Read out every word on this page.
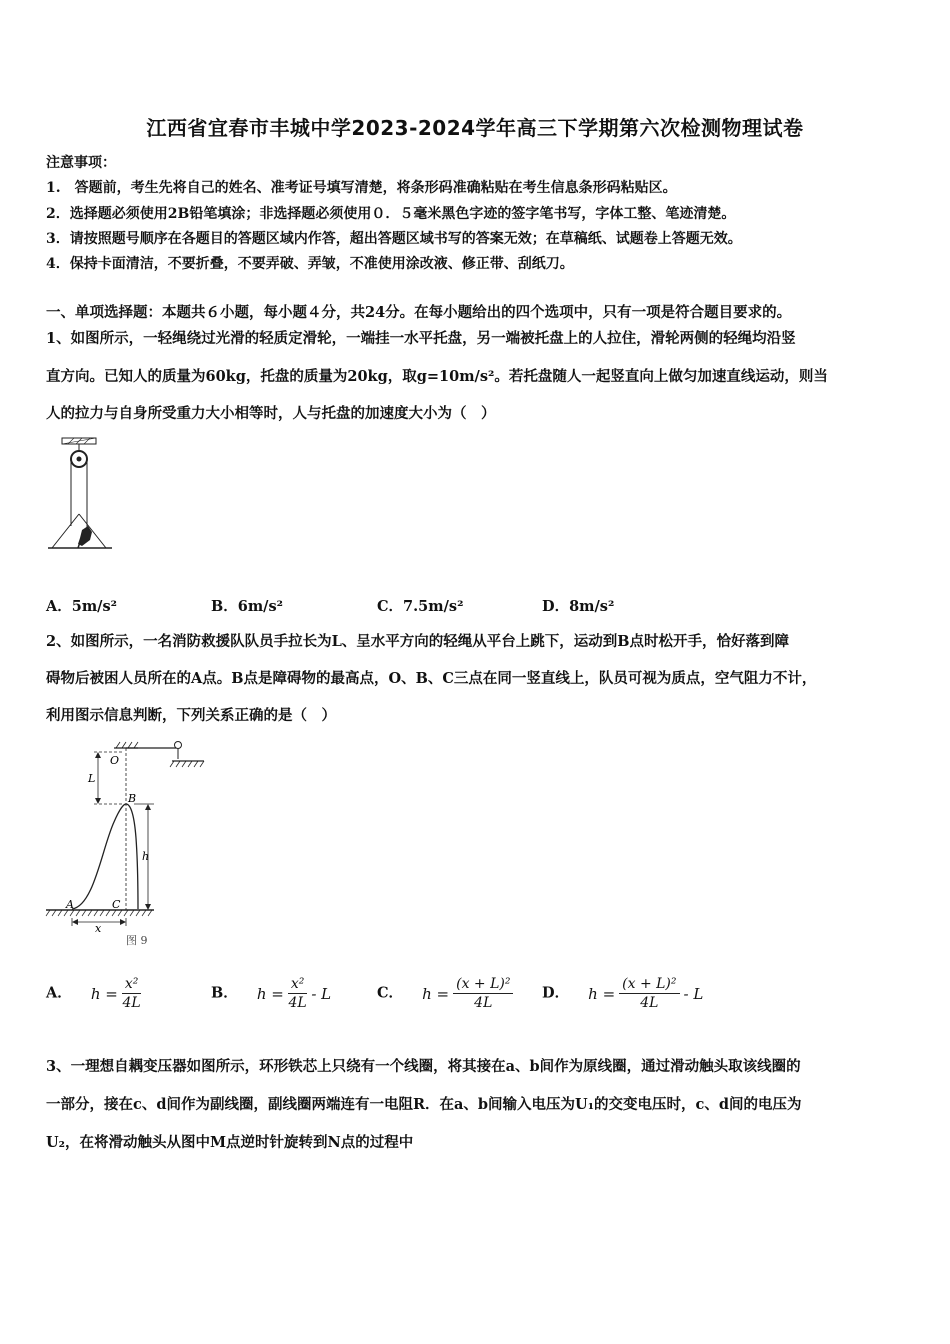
江西省宜春市丰城中学2023-2024学年高三下学期第六次检测物理试卷
注意事项：
1.　答题前，考生先将自己的姓名、准考证号填写清楚，将条形码准确粘贴在考生信息条形码粘贴区。
2．选择题必须使用2B铅笔填涂；非选择题必须使用０．５毫米黑色字迹的签字笔书写，字体工整、笔迹清楚。
3．请按照题号顺序在各题目的答题区域内作答，超出答题区域书写的答案无效；在草稿纸、试题卷上答题无效。
4．保持卡面清洁，不要折叠，不要弄破、弄皱，不准使用涂改液、修正带、刮纸刀。
一、单项选择题：本题共６小题，每小题４分，共24分。在每小题给出的四个选项中，只有一项是符合题目要求的。
1、如图所示，一轻绳绕过光滑的轻质定滑轮，一端挂一水平托盘，另一端被托盘上的人拉住，滑轮两侧的轻绳均沿竖
直方向。已知人的质量为60kg，托盘的质量为20kg，取g=10m/s²。若托盘随人一起竖直向上做匀加速直线运动，则当
人的拉力与自身所受重力大小相等时，人与托盘的加速度大小为（　）
A．5m/s²	B．6m/s²	C．7.5m/s²	D．8m/s²
2、如图所示，一名消防救援队队员手拉长为L、呈水平方向的轻绳从平台上跳下，运动到B点时松开手，恰好落到障
碍物后被困人员所在的A点。B点是障碍物的最高点，O、B、C三点在同一竖直线上，队员可视为质点，空气阻力不计，
利用图示信息判断，下列关系正确的是（　）
O
L
B
h
A	C
x
图 9
A． $h = \frac{\text{x²}}{4L}$	B． $h = \frac{\text{x²}}{4L} - L$	C． $h = \frac{\text{(x + L)²}}{4L}$ D． $h = \frac{\text{(x + L)²}}{4L} - L$
3、一理想自耦变压器如图所示，环形铁芯上只绕有一个线圈，将其接在a、b间作为原线圈，通过滑动触头取该线圈的
一部分，接在c、d间作为副线圈，副线圈两端连有一电阻R．在a、b间输入电压为U₁的交变电压时，c、d间的电压为
U₂，在将滑动触头从图中M点逆时针旋转到N点的过程中
